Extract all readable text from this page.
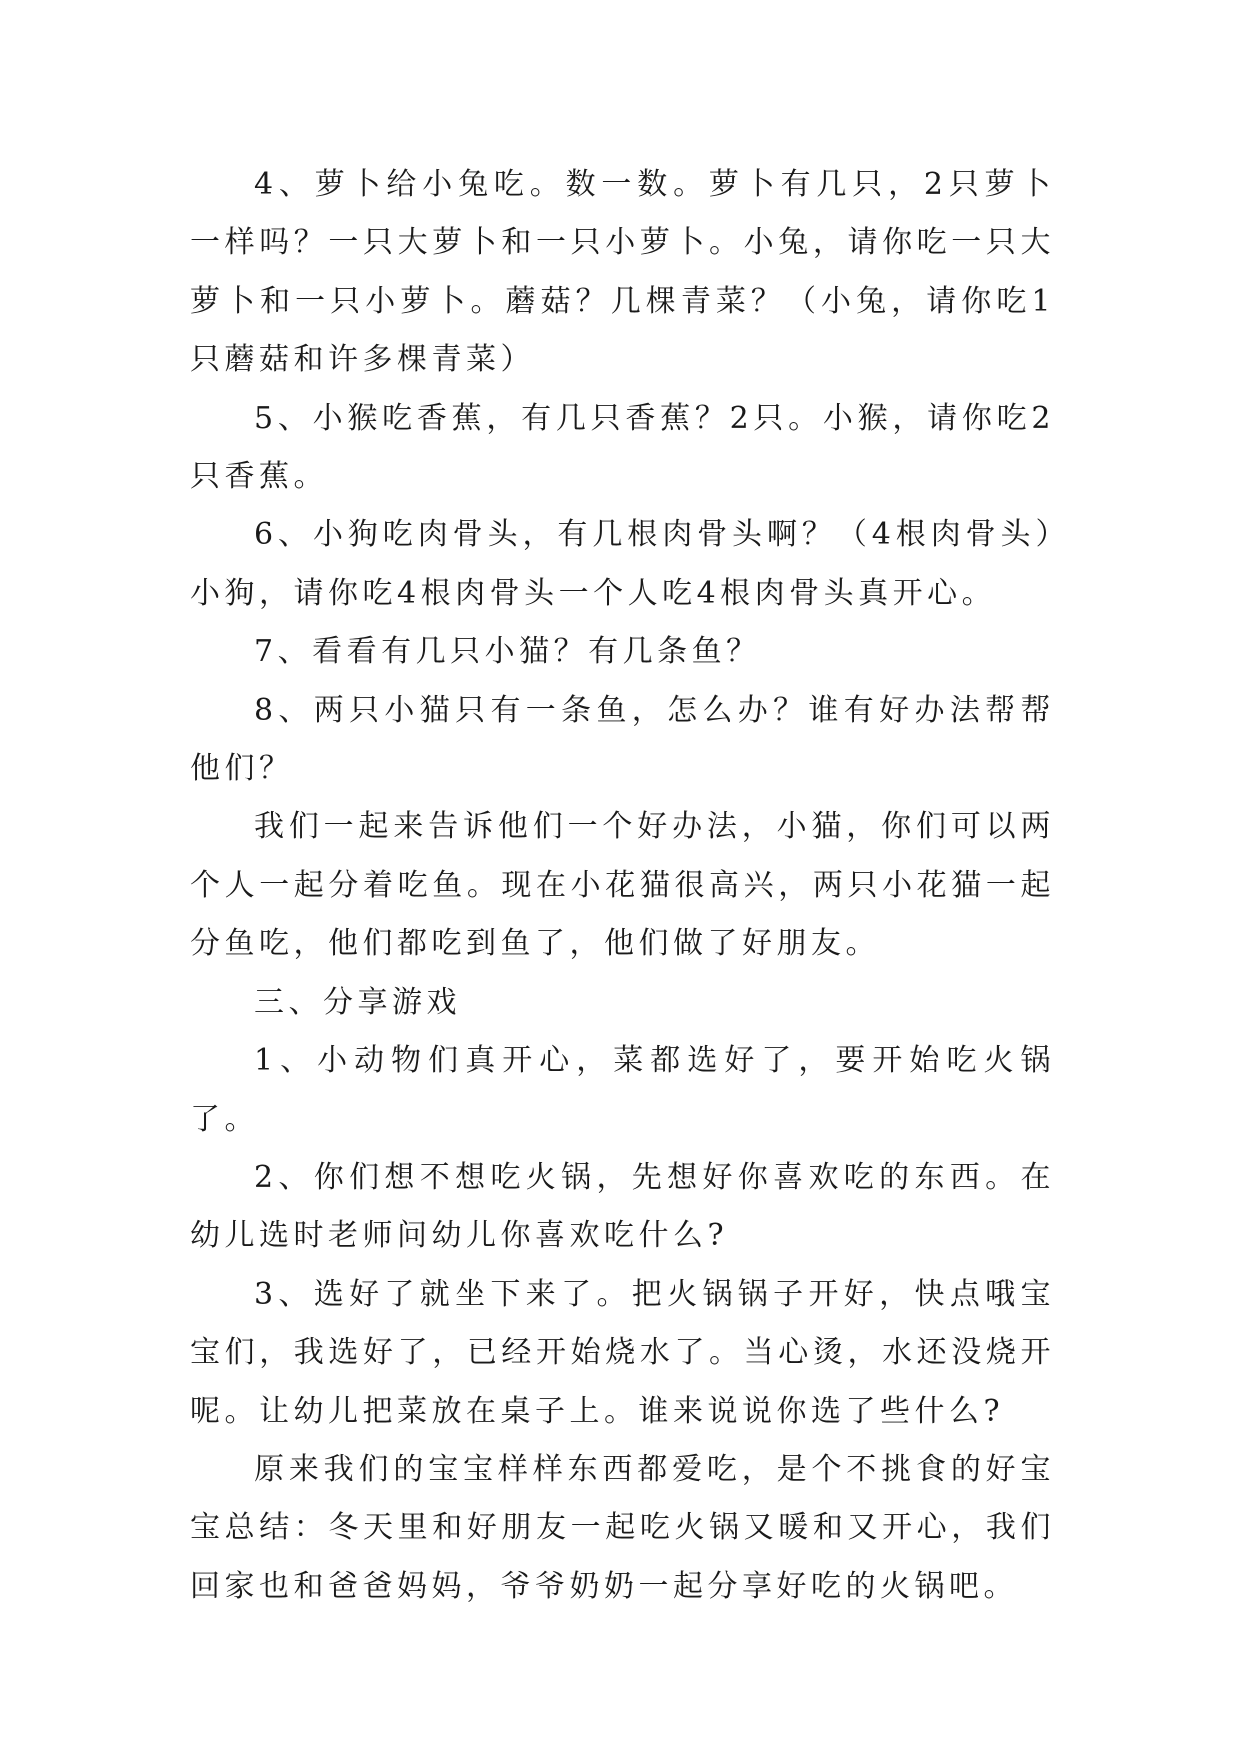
4、萝卜给小兔吃。数一数。萝卜有几只，2只萝卜一样吗？一只大萝卜和一只小萝卜。小兔，请你吃一只大萝卜和一只小萝卜。蘑菇？几棵青菜？（小兔，请你吃1只蘑菇和许多棵青菜）

5、小猴吃香蕉，有几只香蕉？2只。小猴，请你吃2只香蕉。

6、小狗吃肉骨头，有几根肉骨头啊？（4根肉骨头）小狗，请你吃4根肉骨头一个人吃4根肉骨头真开心。

7、看看有几只小猫？有几条鱼？

8、两只小猫只有一条鱼，怎么办？谁有好办法帮帮他们？

我们一起来告诉他们一个好办法，小猫，你们可以两个人一起分着吃鱼。现在小花猫很高兴，两只小花猫一起分鱼吃，他们都吃到鱼了，他们做了好朋友。

三、分享游戏

1、小动物们真开心，菜都选好了，要开始吃火锅了。

2、你们想不想吃火锅，先想好你喜欢吃的东西。在幼儿选时老师问幼儿你喜欢吃什么?

3、选好了就坐下来了。把火锅锅子开好，快点哦宝宝们，我选好了，已经开始烧水了。当心烫，水还没烧开呢。让幼儿把菜放在桌子上。谁来说说你选了些什么?

原来我们的宝宝样样东西都爱吃，是个不挑食的好宝宝总结：冬天里和好朋友一起吃火锅又暖和又开心，我们回家也和爸爸妈妈，爷爷奶奶一起分享好吃的火锅吧。
